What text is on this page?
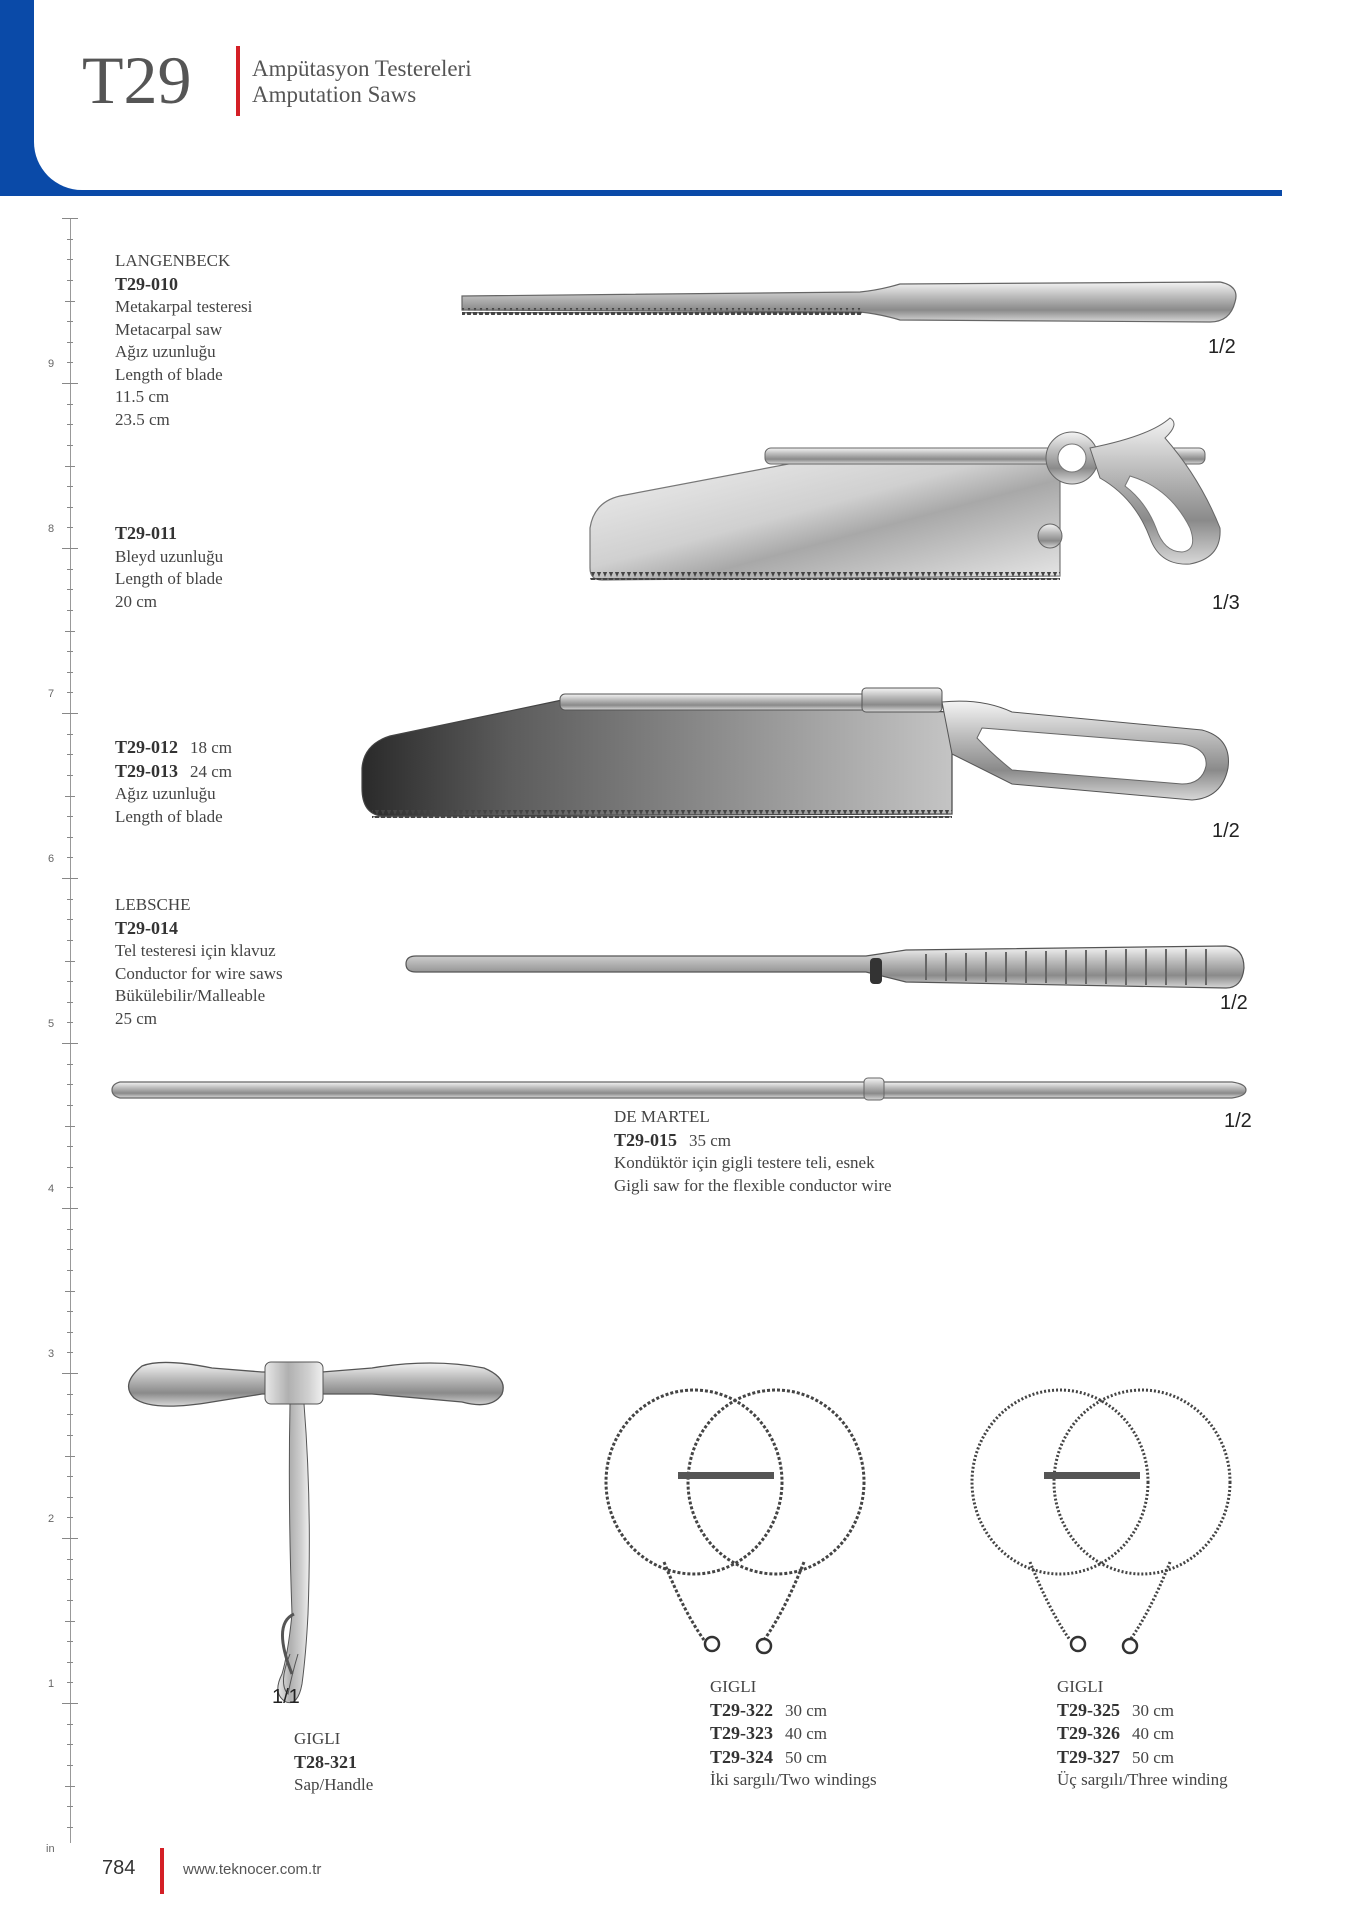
T29	Ampütasyon Testereleri
Amputation Saws
9
8
7
6
5
4
3
2
1
in
LANGENBECK
T29-010
Metakarpal testeresi
Metacarpal saw
Ağız uzunluğu
Length of blade
11.5 cm
23.5 cm
1/2
T29-011
Bleyd uzunluğu
Length of blade
20 cm	1/3
T29-012 18 cm
T29-013 24 cm
Ağız uzunluğu
Length of blade
1/2
LEBSCHE
T29-014
Tel testeresi için klavuz
Conductor for wire saws
Bükülebilir/Malleable
25 cm
1/2
DE MARTEL
T29-015 35 cm
Kondüktör için gigli testere teli, esnek
Gigli saw for the flexible conductor wire
1/2
1/1
GIGLI
T28-321
Sap/Handle
GIGLI
T29-322 30 cm
T29-323 40 cm
T29-324 50 cm
İki sargılı/Two windings
GIGLI
T29-325 30 cm
T29-326 40 cm
T29-327 50 cm
Üç sargılı/Three winding
784	www.teknocer.com.tr
